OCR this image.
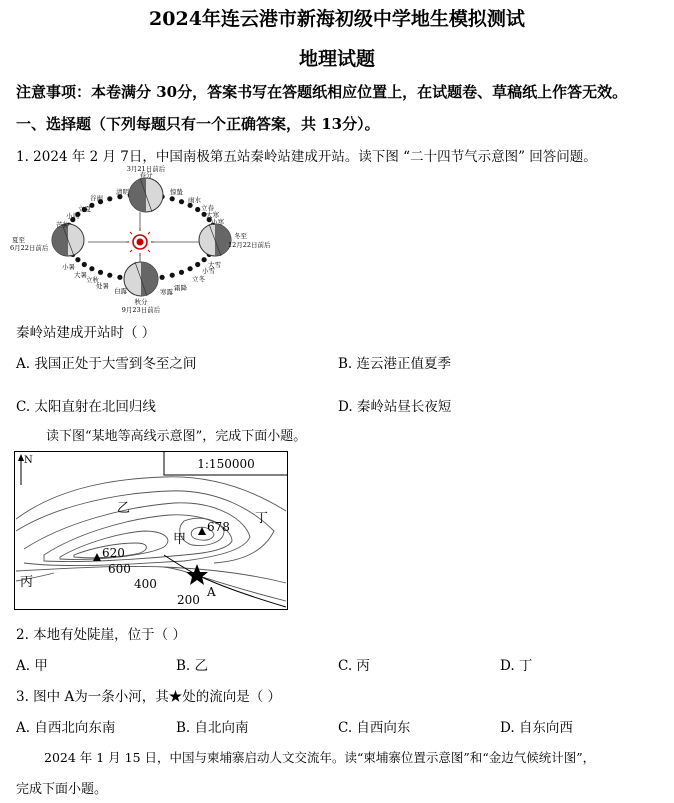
2024年连云港市新海初级中学地生模拟测试
地理试题
注意事项：本卷满分 30分，答案书写在答题纸相应位置上，在试题卷、草稿纸上作答无效。
一、选择题（下列每题只有一个正确答案，共 13分）。
1. 2024 年 2 月 7日，中国南极第五站秦岭站建成开站。读下图 “二十四节气示意图” 回答问题。
3月21日前后
春分
夏至
6月22日前后
冬至
12月22日前后
秋分
9月23日前后
清明
谷雨
立夏
小满
芒种
惊蛰
雨水
立春
大寒
小寒
大雪
小雪
立冬
霜降
寒露
白露
处暑
立秋
大暑
小暑
秦岭站建成开站时（ ）
A. 我国正处于大雪到冬至之间	B. 连云港正值夏季
C. 太阳直射在北回归线	D. 秦岭站昼长夜短
读下图“某地等高线示意图”，完成下面小题。
1:150000
N
620
678
600
400
200
乙
甲
丙
丁
A
2. 本地有处陡崖，位于（ ）
A. 甲	B. 乙	C. 丙	D. 丁
3. 图中 A为一条小河，其★处的流向是（ ）
A. 自西北向东南	B. 自北向南	C. 自西向东	D. 自东向西
2024 年 1 月 15 日，中国与柬埔寨启动人文交流年。读“柬埔寨位置示意图”和“金边气候统计图”，
完成下面小题。
